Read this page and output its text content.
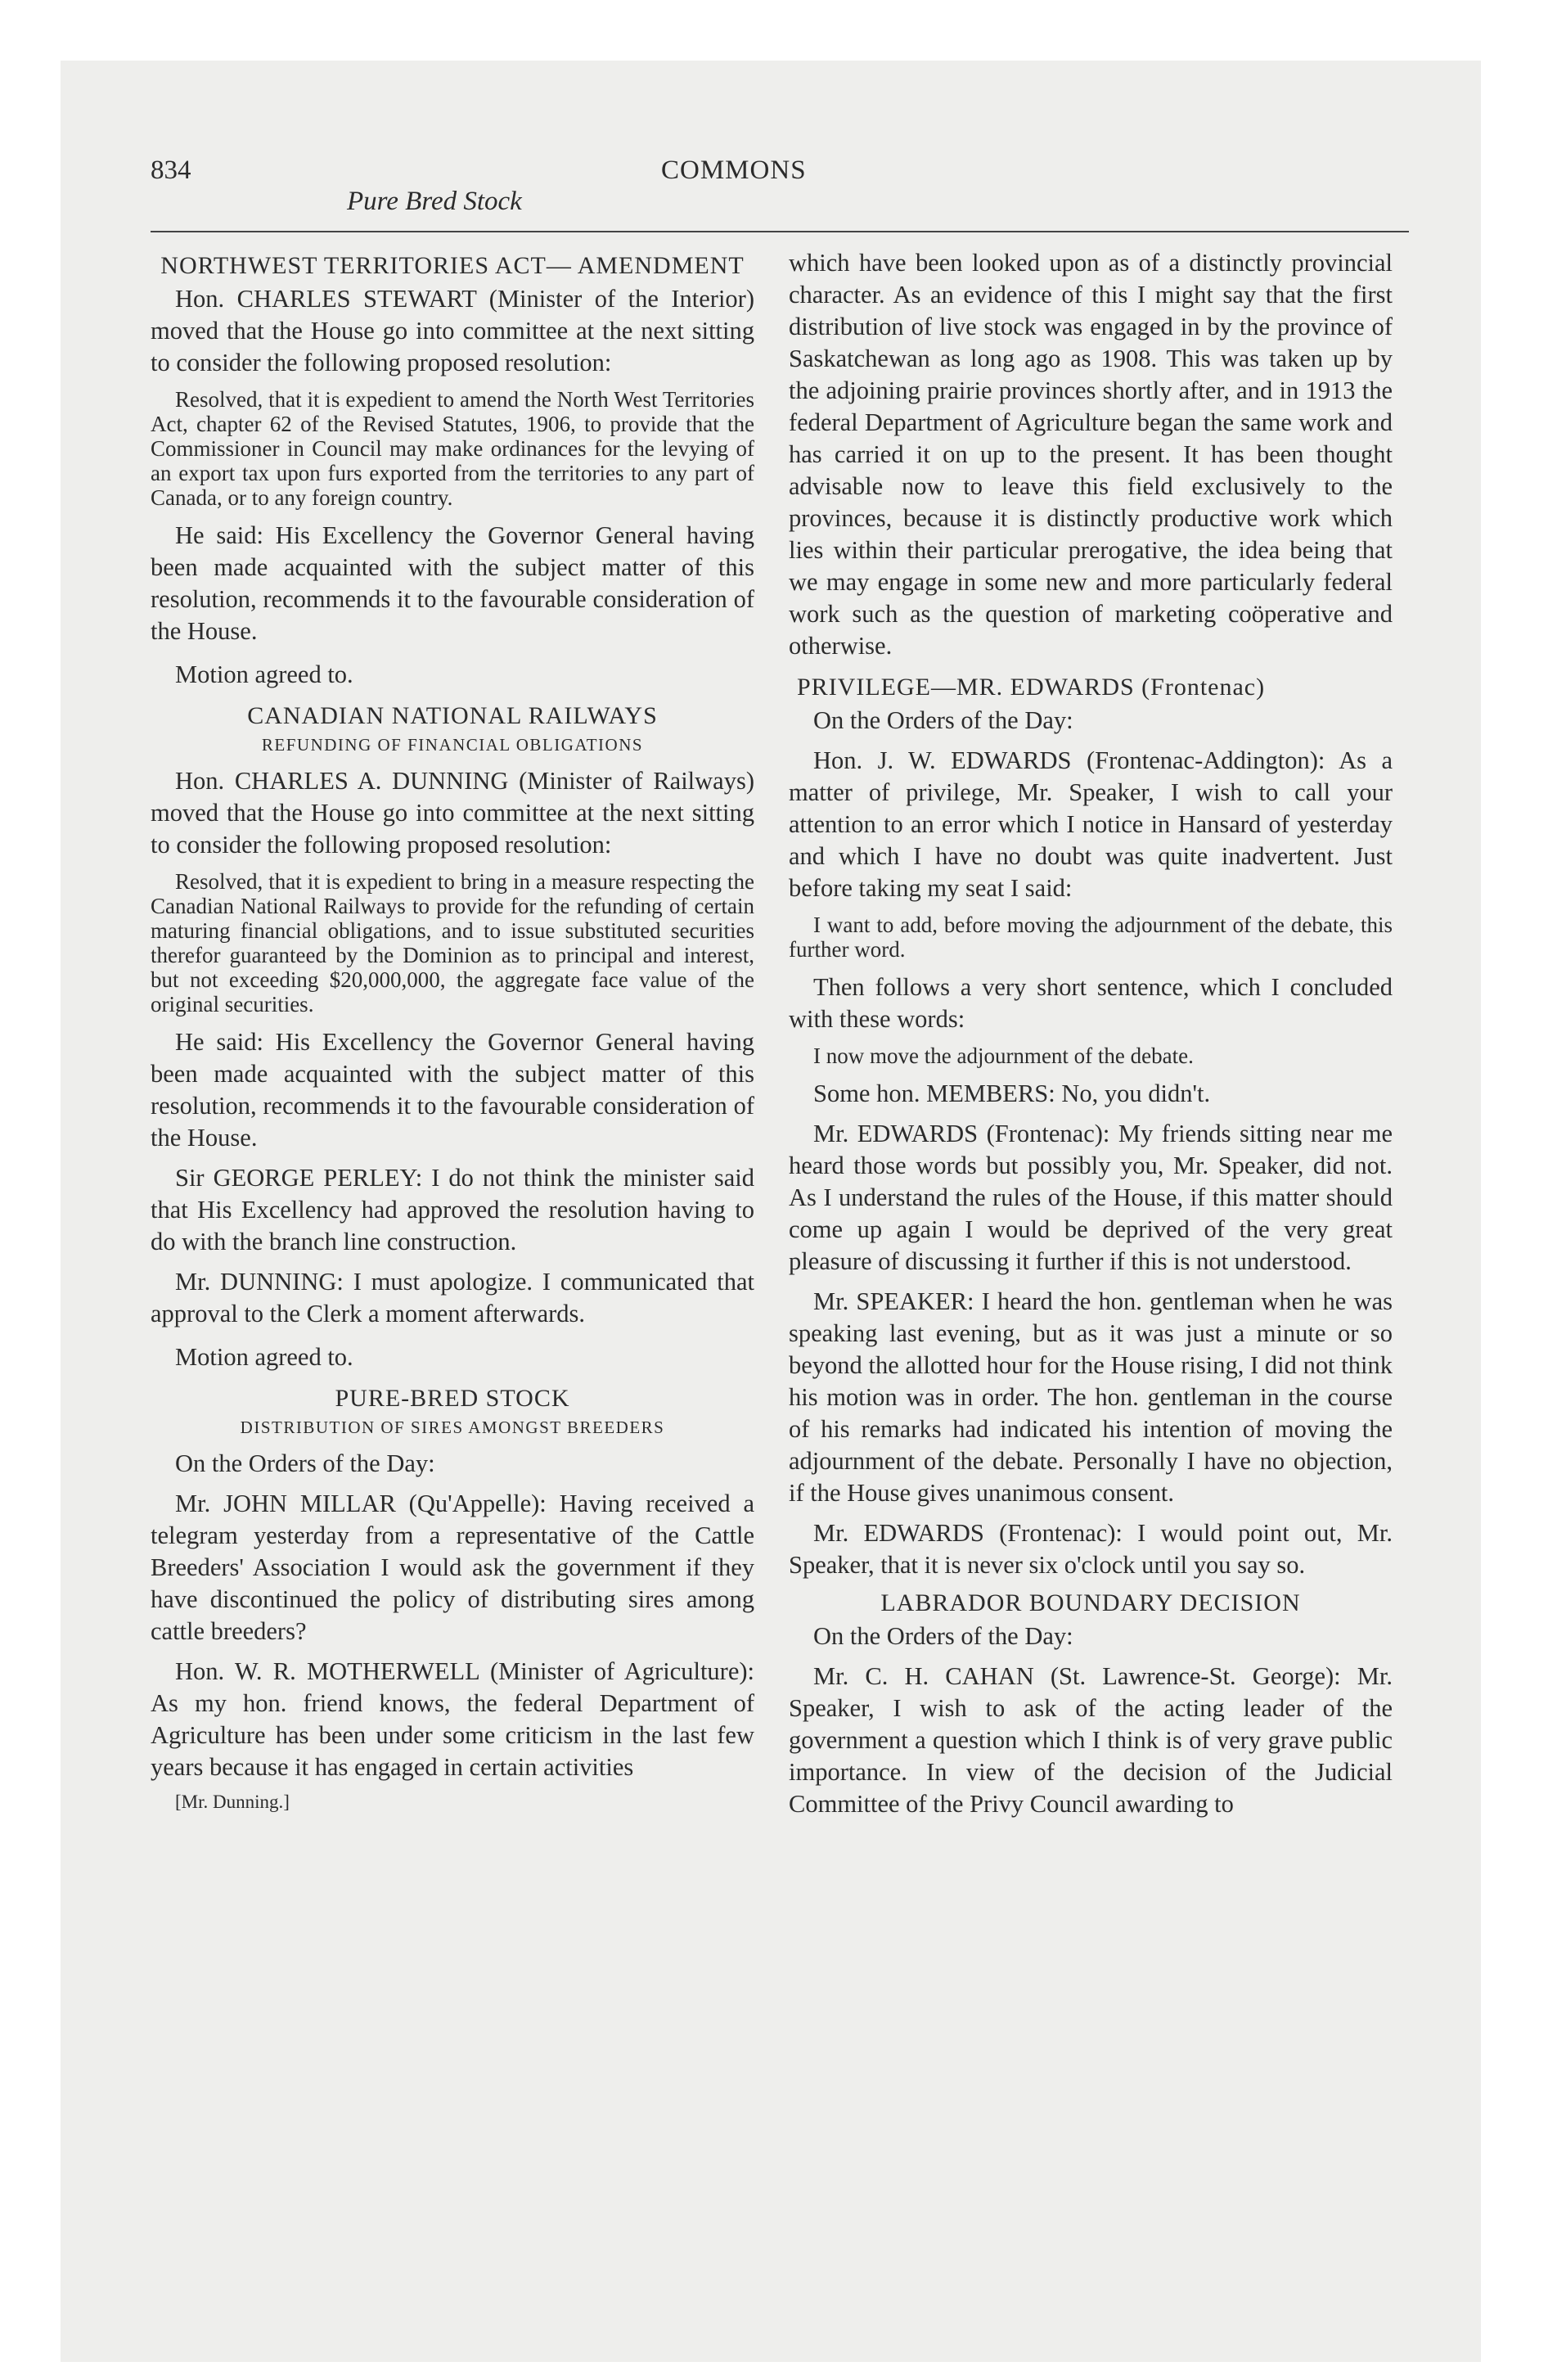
834	COMMONS
Pure Bred Stock
NORTHWEST TERRITORIES ACT— AMENDMENT

Hon. CHARLES STEWART (Minister of the Interior) moved that the House go into committee at the next sitting to consider the following proposed resolution:

Resolved, that it is expedient to amend the North West Territories Act, chapter 62 of the Revised Statutes, 1906, to provide that the Commissioner in Council may make ordinances for the levying of an export tax upon furs exported from the territories to any part of Canada, or to any foreign country.

He said: His Excellency the Governor General having been made acquainted with the subject matter of this resolution, recommends it to the favourable consideration of the House.

Motion agreed to.

CANADIAN NATIONAL RAILWAYS
REFUNDING OF FINANCIAL OBLIGATIONS

Hon. CHARLES A. DUNNING (Minister of Railways) moved that the House go into committee at the next sitting to consider the following proposed resolution:

Resolved, that it is expedient to bring in a measure respecting the Canadian National Railways to provide for the refunding of certain maturing financial obligations, and to issue substituted securities therefor guaranteed by the Dominion as to principal and interest, but not exceeding $20,000,000, the aggregate face value of the original securities.

He said: His Excellency the Governor General having been made acquainted with the subject matter of this resolution, recommends it to the favourable consideration of the House.

Sir GEORGE PERLEY: I do not think the minister said that His Excellency had approved the resolution having to do with the branch line construction.

Mr. DUNNING: I must apologize. I communicated that approval to the Clerk a moment afterwards.

Motion agreed to.

PURE-BRED STOCK
DISTRIBUTION OF SIRES AMONGST BREEDERS

On the Orders of the Day:

Mr. JOHN MILLAR (Qu'Appelle): Having received a telegram yesterday from a representative of the Cattle Breeders' Association I would ask the government if they have discontinued the policy of distributing sires among cattle breeders?

Hon. W. R. MOTHERWELL (Minister of Agriculture): As my hon. friend knows, the federal Department of Agriculture has been under some criticism in the last few years because it has engaged in certain activities

[Mr. Dunning.]

which have been looked upon as of a distinctly provincial character. As an evidence of this I might say that the first distribution of live stock was engaged in by the province of Saskatchewan as long ago as 1908. This was taken up by the adjoining prairie provinces shortly after, and in 1913 the federal Department of Agriculture began the same work and has carried it on up to the present. It has been thought advisable now to leave this field exclusively to the provinces, because it is distinctly productive work which lies within their particular prerogative, the idea being that we may engage in some new and more particularly federal work such as the question of marketing coöperative and otherwise.

PRIVILEGE—MR. EDWARDS (Frontenac)

On the Orders of the Day:

Hon. J. W. EDWARDS (Frontenac-Addington): As a matter of privilege, Mr. Speaker, I wish to call your attention to an error which I notice in Hansard of yesterday and which I have no doubt was quite inadvertent. Just before taking my seat I said:

I want to add, before moving the adjournment of the debate, this further word.

Then follows a very short sentence, which I concluded with these words:

I now move the adjournment of the debate.

Some hon. MEMBERS: No, you didn't.

Mr. EDWARDS (Frontenac): My friends sitting near me heard those words but possibly you, Mr. Speaker, did not. As I understand the rules of the House, if this matter should come up again I would be deprived of the very great pleasure of discussing it further if this is not understood.

Mr. SPEAKER: I heard the hon. gentleman when he was speaking last evening, but as it was just a minute or so beyond the allotted hour for the House rising, I did not think his motion was in order. The hon. gentleman in the course of his remarks had indicated his intention of moving the adjournment of the debate. Personally I have no objection, if the House gives unanimous consent.

Mr. EDWARDS (Frontenac): I would point out, Mr. Speaker, that it is never six o'clock until you say so.

LABRADOR BOUNDARY DECISION

On the Orders of the Day:

Mr. C. H. CAHAN (St. Lawrence-St. George): Mr. Speaker, I wish to ask of the acting leader of the government a question which I think is of very grave public importance. In view of the decision of the Judicial Committee of the Privy Council awarding to
